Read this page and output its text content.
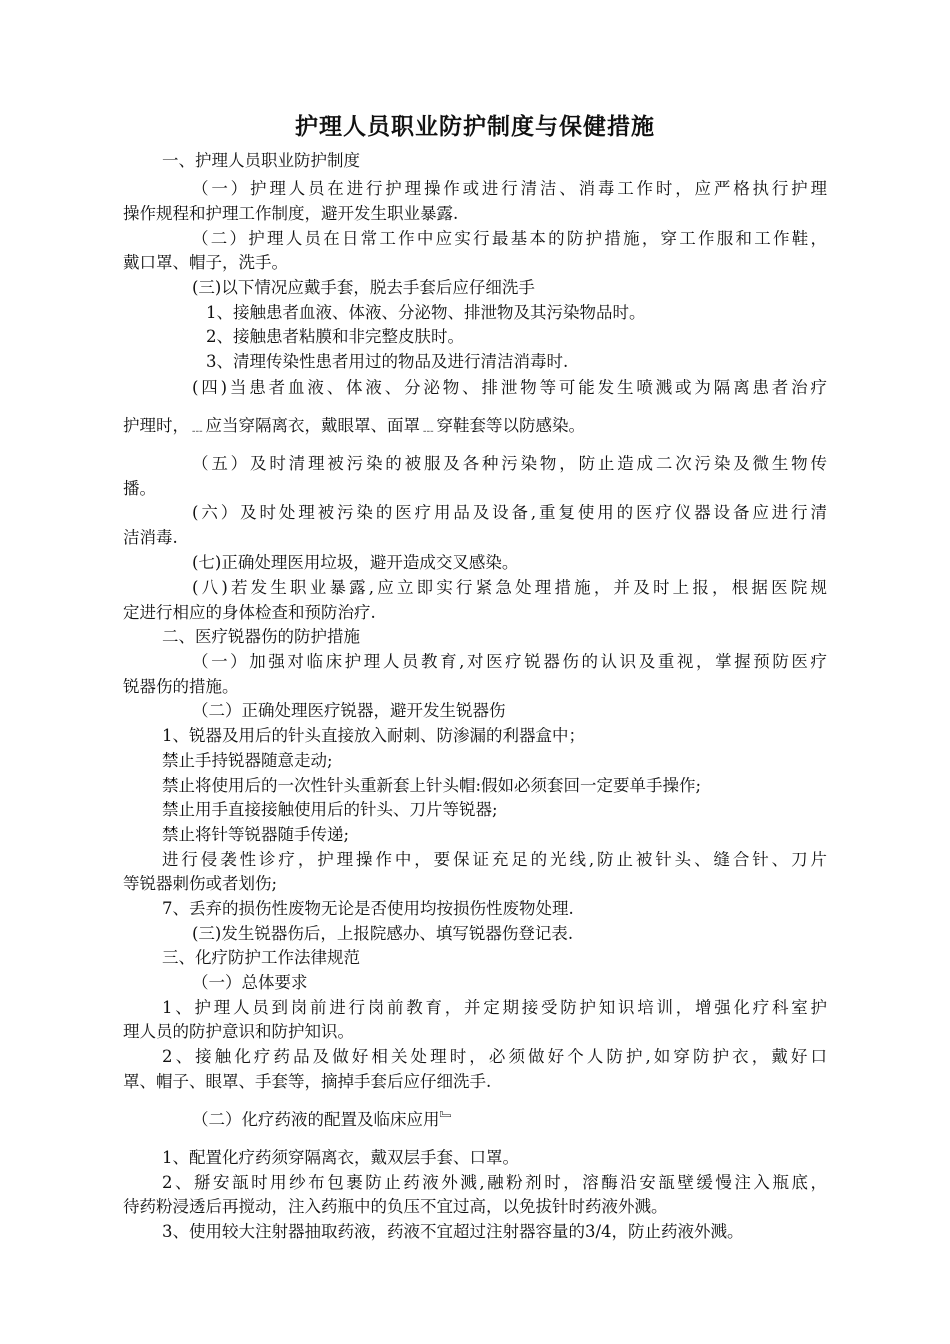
护理人员职业防护制度与保健措施
一、护理人员职业防护制度
（一）护理人员在进行护理操作或进行清洁、消毒工作时，应严格执行护理
操作规程和护理工作制度，避开发生职业暴露.
（二）护理人员在日常工作中应实行最基本的防护措施，穿工作服和工作鞋，
戴口罩、帽子，洗手。
(三)以下情况应戴手套，脱去手套后应仔细洗手
1、接触患者血液、体液、分泌物、排泄物及其污染物品时。
2、接触患者粘膜和非完整皮肤时。
3、清理传染性患者用过的物品及进行清洁消毒时.
(四)当患者血液、体液、分泌物、排泄物等可能发生喷溅或为隔离患者治疗
护理时，﹍应当穿隔离衣，戴眼罩、面罩﹍穿鞋套等以防感染。
（五）及时清理被污染的被服及各种污染物，防止造成二次污染及微生物传
播。
(六）及时处理被污染的医疗用品及设备,重复使用的医疗仪器设备应进行清
洁消毒.
(七)正确处理医用垃圾，避开造成交叉感染。
(八)若发生职业暴露,应立即实行紧急处理措施，并及时上报，根据医院规
定进行相应的身体检查和预防治疗.
二、医疗锐器伤的防护措施
（一）加强对临床护理人员教育,对医疗锐器伤的认识及重视，掌握预防医疗
锐器伤的措施。
（二）正确处理医疗锐器，避开发生锐器伤
1、锐器及用后的针头直接放入耐刺、防渗漏的利器盒中；
禁止手持锐器随意走动;
禁止将使用后的一次性针头重新套上针头帽:假如必须套回一定要单手操作;
禁止用手直接接触使用后的针头、刀片等锐器;
禁止将针等锐器随手传递;
进行侵袭性诊疗，护理操作中，要保证充足的光线,防止被针头、缝合针、刀片
等锐器刺伤或者划伤;
7、丢弃的损伤性废物无论是否使用均按损伤性废物处理.
(三)发生锐器伤后，上报院感办、填写锐器伤登记表.
三、化疗防护工作法律规范
（一）总体要求
1、护理人员到岗前进行岗前教育，并定期接受防护知识培训，增强化疗科室护
理人员的防护意识和防护知识。
2、接触化疗药品及做好相关处理时，必须做好个人防护,如穿防护衣，戴好口
罩、帽子、眼罩、手套等，摘掉手套后应仔细洗手.
（二）化疗药液的配置及临床应用﹄
1、配置化疗药须穿隔离衣，戴双层手套、口罩。
2、掰安瓿时用纱布包裹防止药液外溅,融粉剂时，溶酶沿安瓿壁缓慢注入瓶底，
待药粉浸透后再搅动，注入药瓶中的负压不宜过高，以免拔针时药液外溅。
3、使用较大注射器抽取药液，药液不宜超过注射器容量的3/4，防止药液外溅。
